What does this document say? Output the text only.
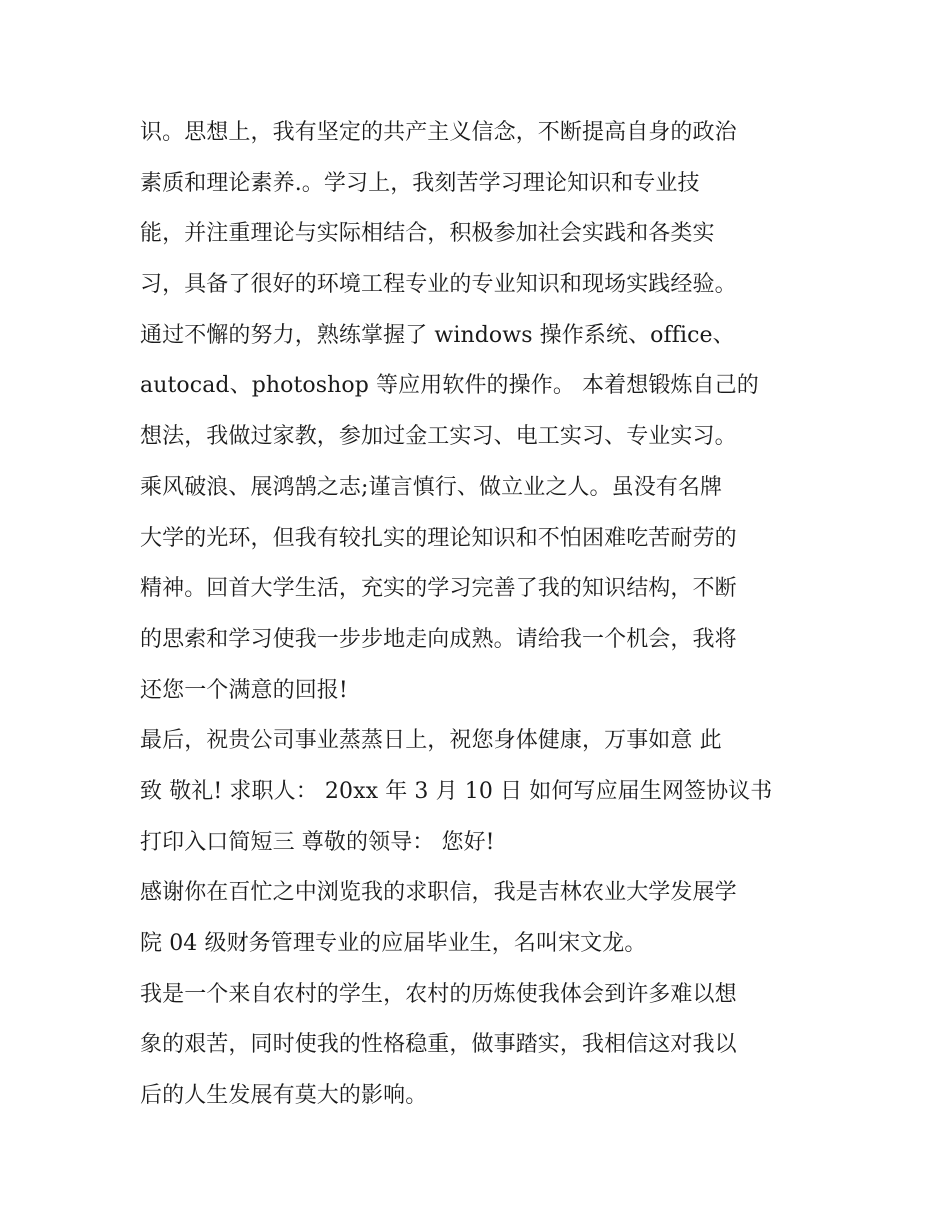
识。思想上，我有坚定的共产主义信念，不断提高自身的政治
素质和理论素养.。学习上，我刻苦学习理论知识和专业技
能，并注重理论与实际相结合，积极参加社会实践和各类实
习，具备了很好的环境工程专业的专业知识和现场实践经验。
通过不懈的努力，熟练掌握了 windows 操作系统、office、
autocad、photoshop 等应用软件的操作。 本着想锻炼自己的
想法，我做过家教，参加过金工实习、电工实习、专业实习。
乘风破浪、展鸿鹄之志;谨言慎行、做立业之人。虽没有名牌
大学的光环，但我有较扎实的理论知识和不怕困难吃苦耐劳的
精神。回首大学生活，充实的学习完善了我的知识结构，不断
的思索和学习使我一步步地走向成熟。请给我一个机会，我将
还您一个满意的回报!
最后，祝贵公司事业蒸蒸日上，祝您身体健康，万事如意 此
致 敬礼! 求职人： 20xx 年 3 月 10 日 如何写应届生网签协议书
打印入口简短三 尊敬的领导： 您好!
感谢你在百忙之中浏览我的求职信，我是吉林农业大学发展学
院 04 级财务管理专业的应届毕业生，名叫宋文龙。
我是一个来自农村的学生，农村的历炼使我体会到许多难以想
象的艰苦，同时使我的性格稳重，做事踏实，我相信这对我以
后的人生发展有莫大的影响。
